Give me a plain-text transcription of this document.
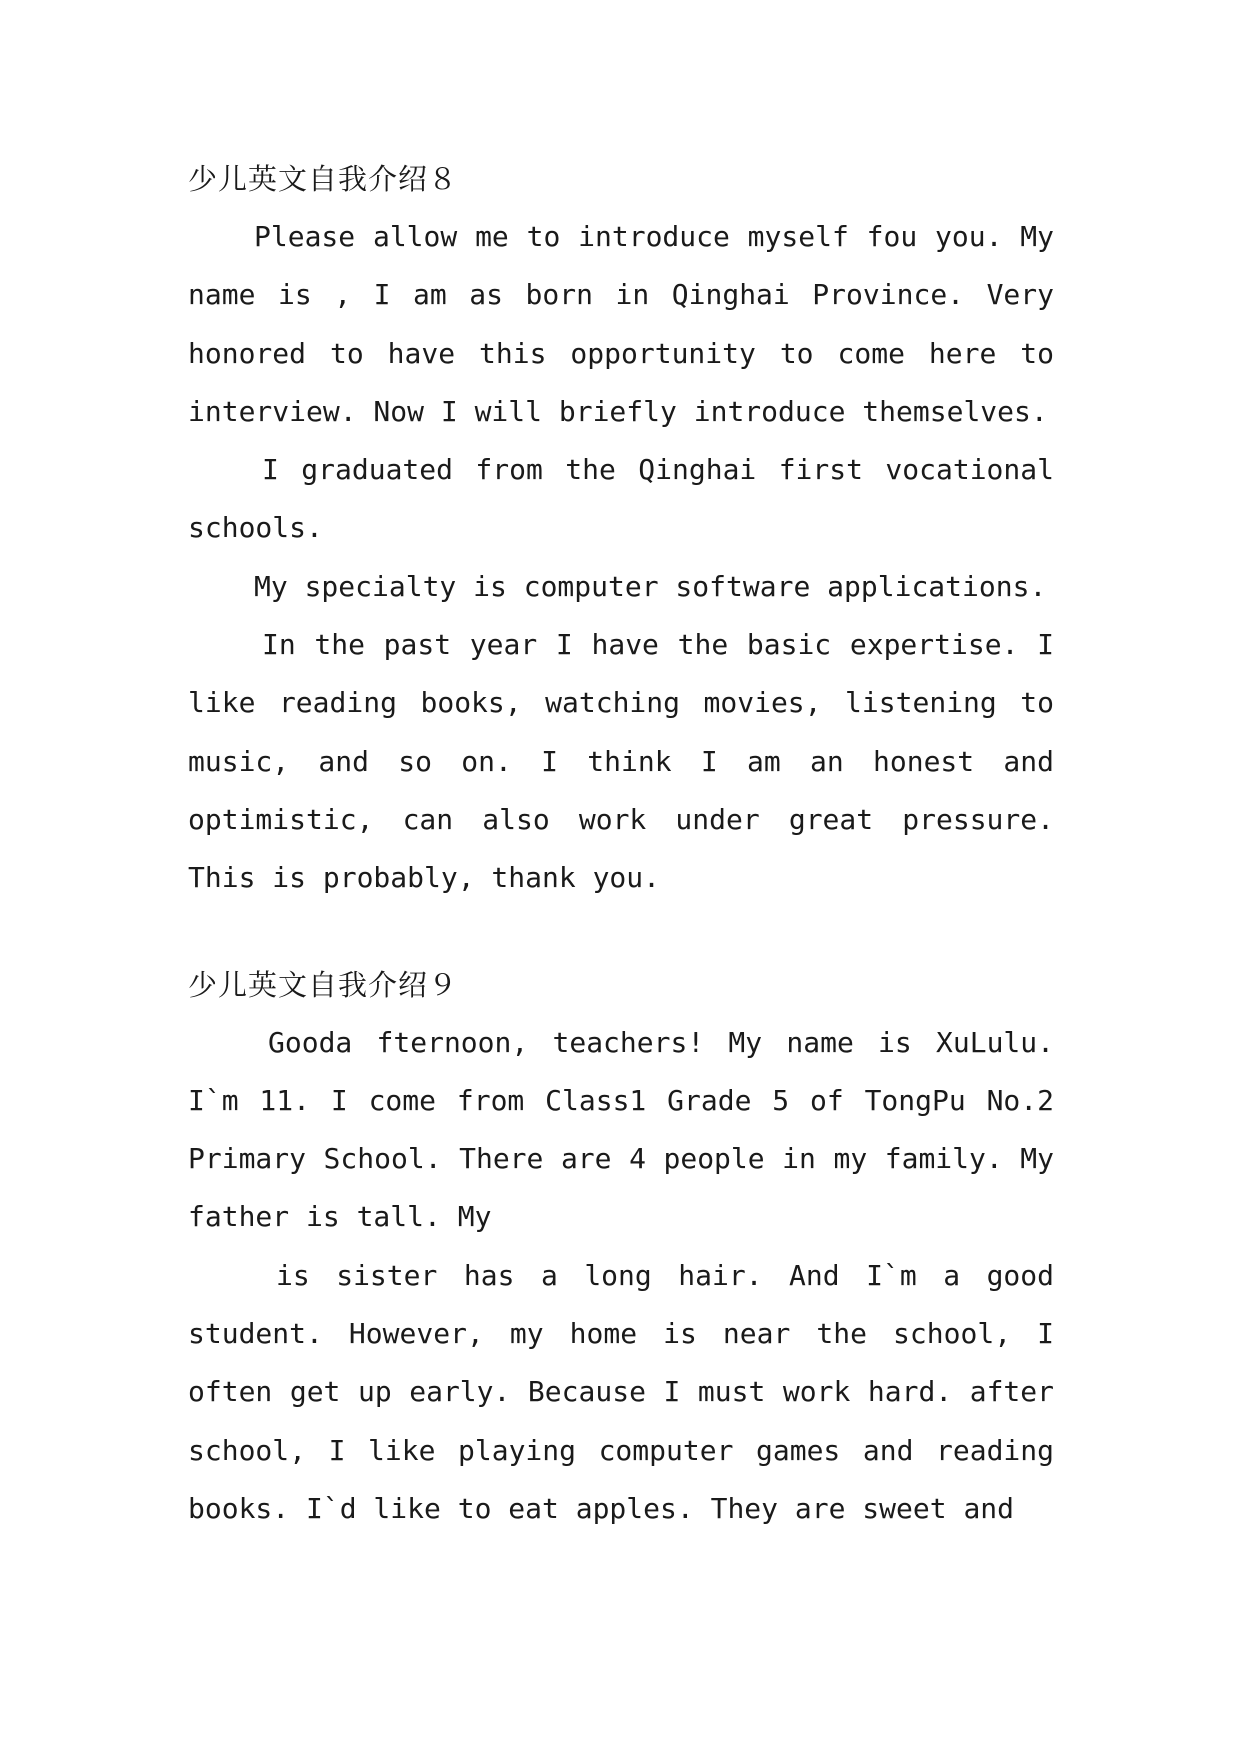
少儿英文自我介绍８

Please allow me to introduce myself fou you. My name is , I am as born in Qinghai Province. Very honored to have this opportunity to come here to interview. Now I will briefly introduce themselves.

I graduated from the Qinghai first vocational schools.

My specialty is computer software applications.

In the past year I have the basic expertise. I like reading books, watching movies, listening to music, and so on. I think I am an honest and optimistic, can also work under great pressure. This is probably, thank you.

少儿英文自我介绍９

Gooda fternoon, teachers! My name is XuLulu. I`m 11. I come from Class1 Grade 5 of TongPu No.2 Primary School. There are 4 people in my family. My father is tall. My

is sister has a long hair. And I`m a good student. However, my home is near the school, I often get up early. Because I must work hard. after school, I like playing computer games and reading books. I`d like to eat apples. They are sweet and
